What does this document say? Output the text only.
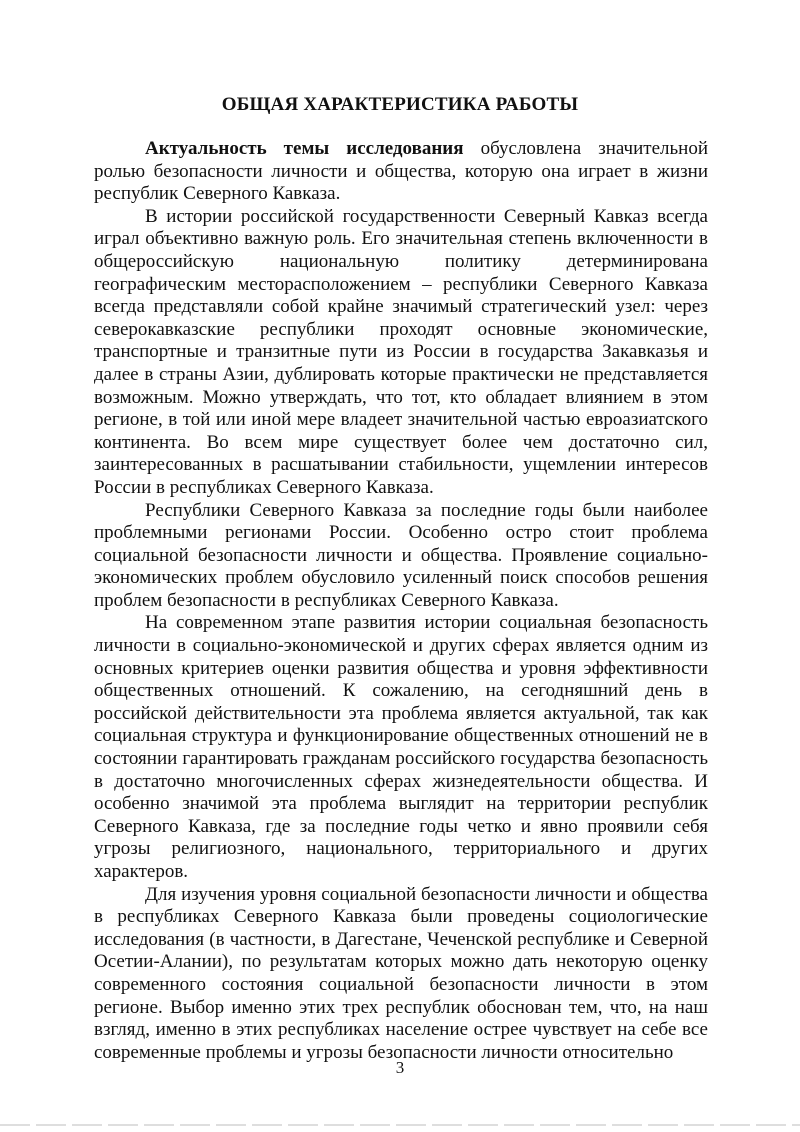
ОБЩАЯ ХАРАКТЕРИСТИКА РАБОТЫ

Актуальность темы исследования обусловлена значительной ролью безопасности личности и общества, которую она играет в жизни республик Северного Кавказа.

В истории российской государственности Северный Кавказ всегда играл объективно важную роль. Его значительная степень включенности в общероссийскую национальную политику детерминирована географическим месторасположением – республики Северного Кавказа всегда представляли собой крайне значимый стратегический узел: через северокавказские республики проходят основные экономические, транспортные и транзитные пути из России в государства Закавказья и далее в страны Азии, дублировать которые практически не представляется возможным. Можно утверждать, что тот, кто обладает влиянием в этом регионе, в той или иной мере владеет значительной частью евроазиатского континента. Во всем мире существует более чем достаточно сил, заинтересованных в расшатывании стабильности, ущемлении интересов России в республиках Северного Кавказа.

Республики Северного Кавказа за последние годы были наиболее проблемными регионами России. Особенно остро стоит проблема социальной безопасности личности и общества. Проявление социально-экономических проблем обусловило усиленный поиск способов решения проблем безопасности в республиках Северного Кавказа.

На современном этапе развития истории социальная безопасность личности в социально-экономической и других сферах является одним из основных критериев оценки развития общества и уровня эффективности общественных отношений. К сожалению, на сегодняшний день в российской действительности эта проблема является актуальной, так как социальная структура и функционирование общественных отношений не в состоянии гарантировать гражданам российского государства безопасность в достаточно многочисленных сферах жизнедеятельности общества. И особенно значимой эта проблема выглядит на территории республик Северного Кавказа, где за последние годы четко и явно проявили себя угрозы религиозного, национального, территориального и других характеров.

Для изучения уровня социальной безопасности личности и общества в республиках Северного Кавказа были проведены социологические исследования (в частности, в Дагестане, Чеченской республике и Северной Осетии-Алании), по результатам которых можно дать некоторую оценку современного состояния социальной безопасности личности в этом регионе. Выбор именно этих трех республик обоснован тем, что, на наш взгляд, именно в этих республиках население острее чувствует на себе все современные проблемы и угрозы безопасности личности относительно

3
